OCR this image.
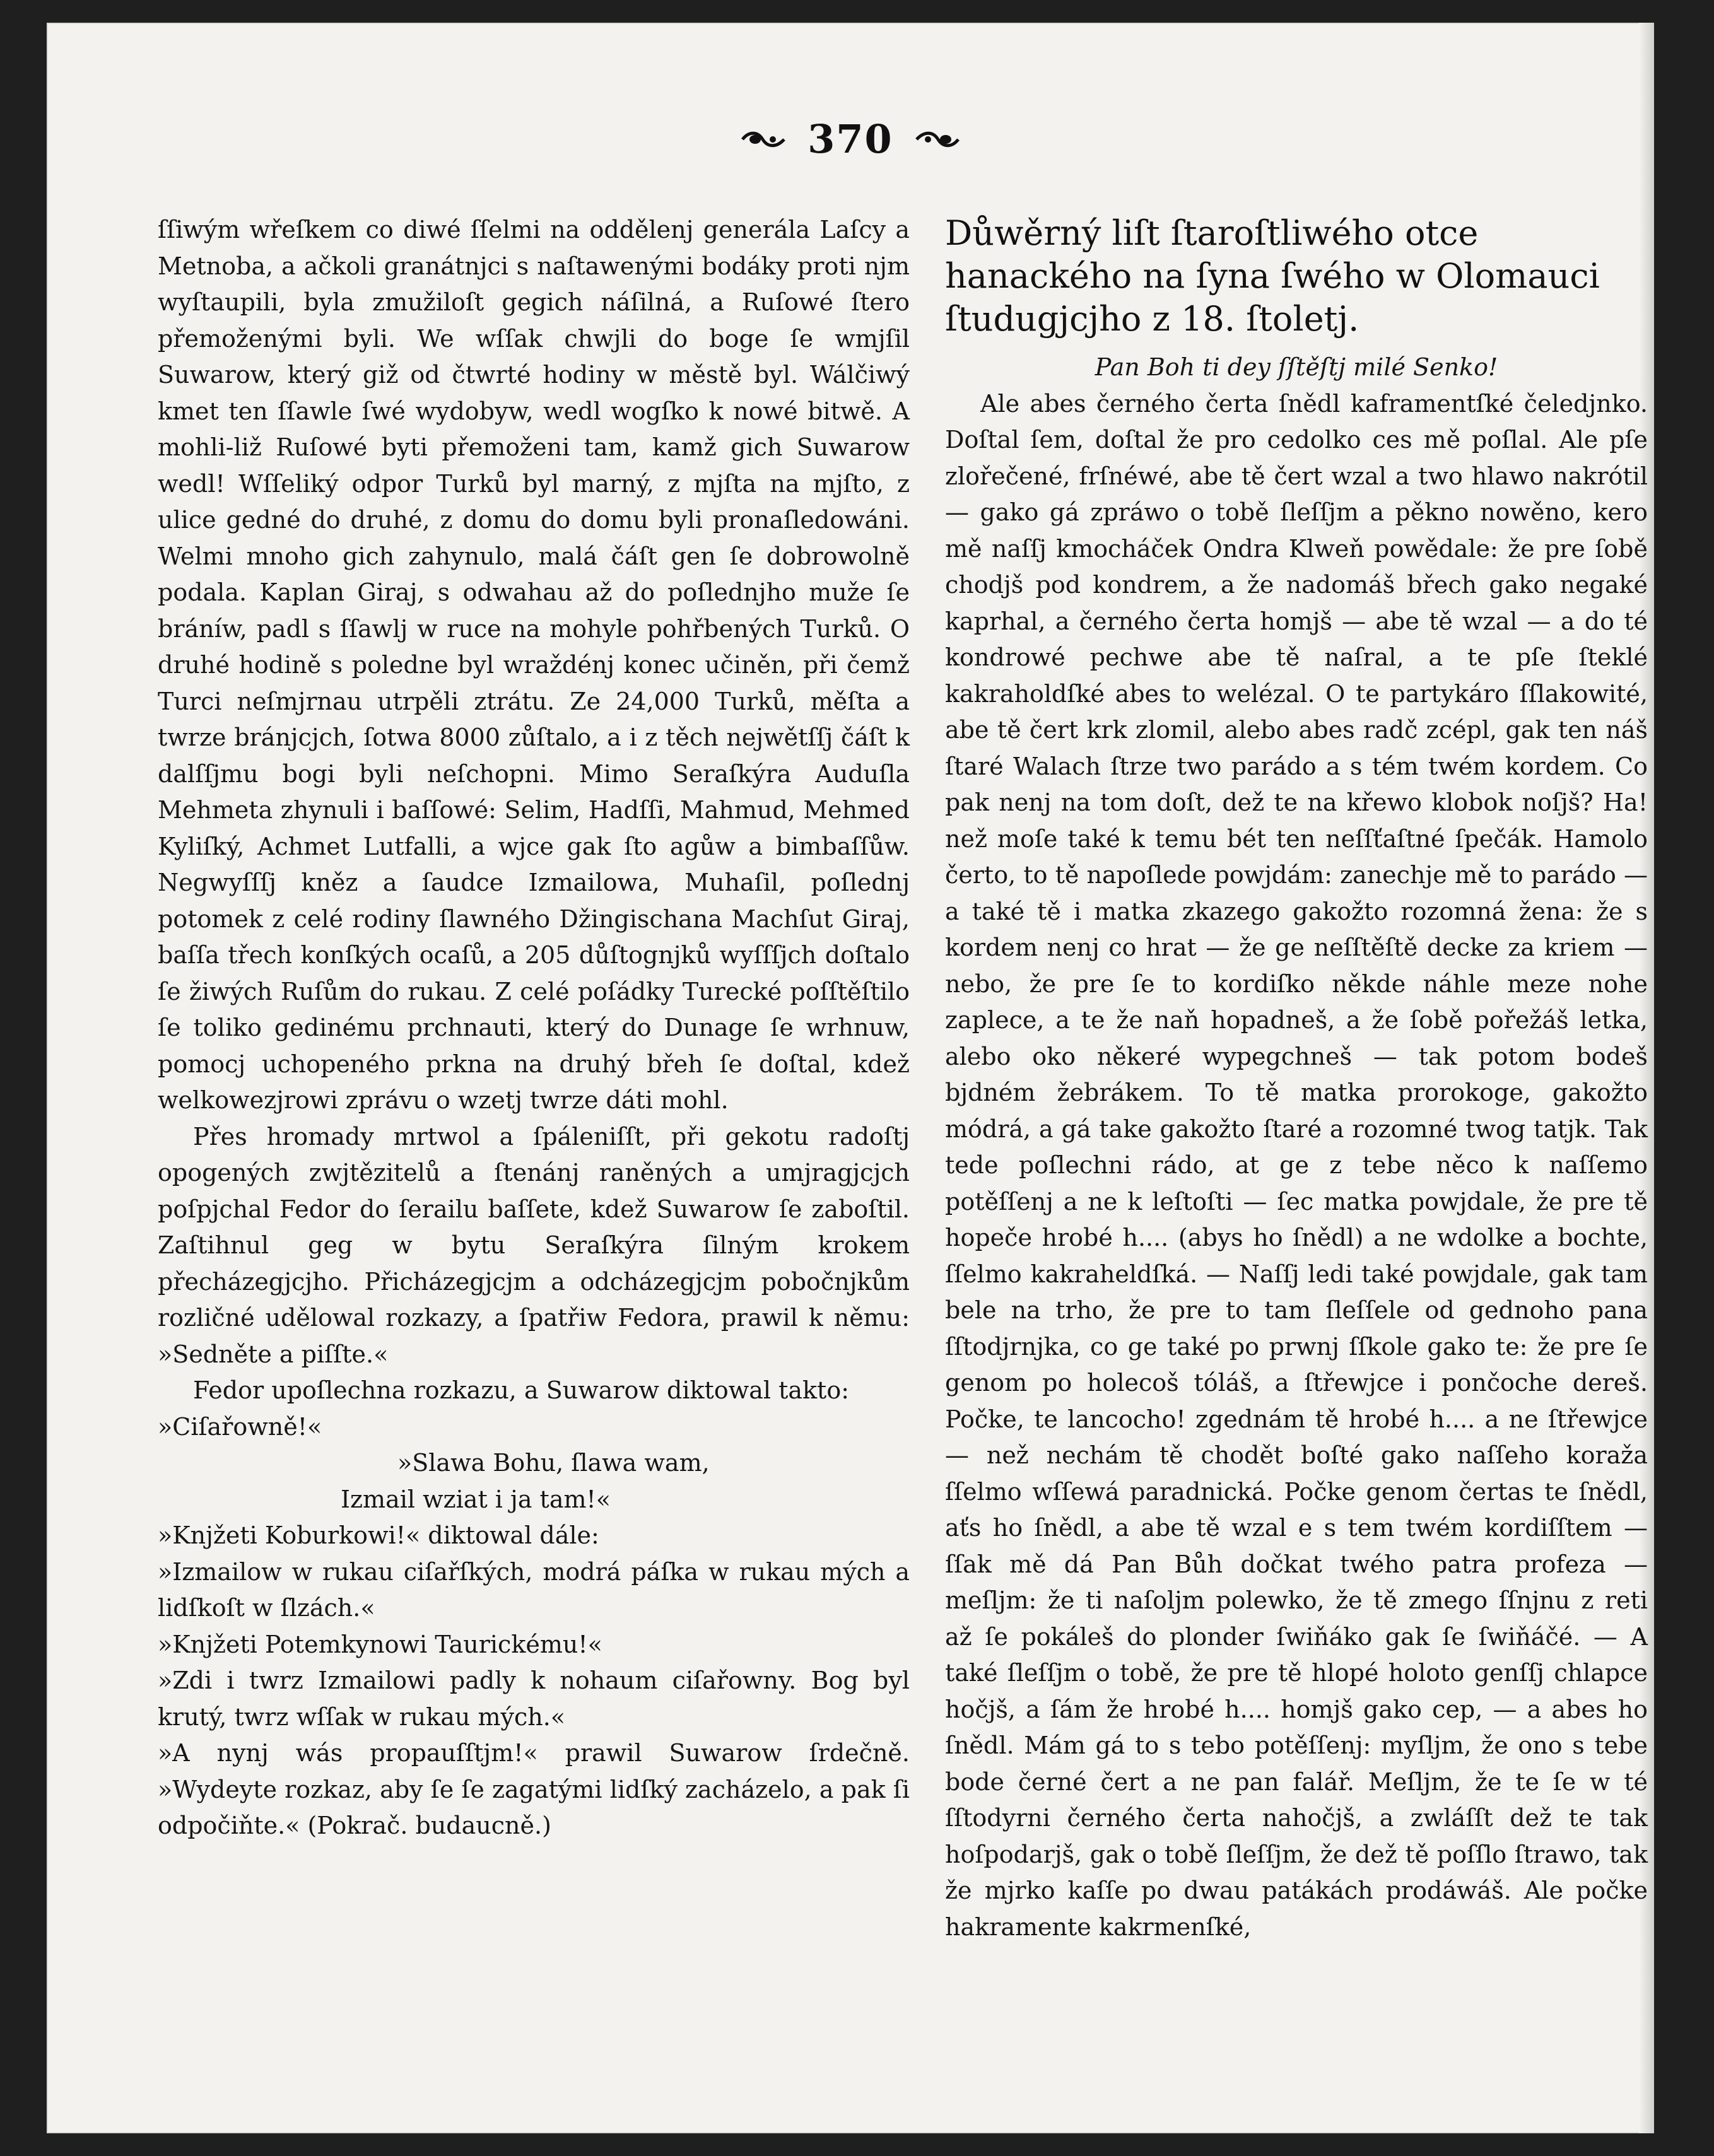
370

ſſiwým wřeſkem co diwé ſſelmi na oddělenj generála Laſcy a Metnoba, a ačkoli granátnjci s naſtawenými bodáky proti njm wyſtaupili, byla zmužiloſt gegich náſilná, a Ruſowé ſtero přemoženými byli. We wſſak chwjli do boge ſe wmjſil Suwarow, který giž od čtwrté hodiny w městě byl. Wálčiwý kmet ten ſſawle ſwé wydobyw, wedl wogſko k nowé bitwě. A mohli-liž Ruſowé byti přemoženi tam, kamž gich Suwarow wedl! Wſſeliký odpor Turků byl marný, z mjſta na mjſto, z ulice gedné do druhé, z domu do domu byli pronaſledowáni. Welmi mnoho gich zahynulo, malá čáſt gen ſe dobrowolně podala. Kaplan Giraj, s odwahau až do poſlednjho muže ſe bráníw, padl s ſſawlj w ruce na mohyle pohřbených Turků. O druhé hodině s poledne byl wraždénj konec učiněn, při čemž Turci neſmjrnau utrpěli ztrátu. Ze 24,000 Turků, měſta a twrze bránjcjch, ſotwa 8000 zůſtalo, a i z těch nejwětſſj čáſt k dalſſjmu bogi byli neſchopni. Mimo Seraſkýra Auduſla Mehmeta zhynuli i baſſowé: Selim, Hadſſi, Mahmud, Mehmed Kyliſký, Achmet Lutfalli, a wjce gak ſto agůw a bimbaſſůw. Negwyſſſj kněz a ſaudce Izmailowa, Muhaſil, poſlednj potomek z celé rodiny ſlawného Džingischana Machſut Giraj, baſſa třech konſkých ocaſů, a 205 důſtognjků wyſſſjch doſtalo ſe žiwých Ruſům do rukau. Z celé poſádky Turecké poſſtěſtilo ſe toliko gedinému prchnauti, který do Dunage ſe wrhnuw, pomocj uchopeného prkna na druhý břeh ſe doſtal, kdež welkowezjrowi zprávu o wzetj twrze dáti mohl.

Přes hromady mrtwol a ſpáleniſſt, při gekotu radoſtj opogených zwjtězitelů a ſtenánj raněných a umjragjcjch poſpjchal Fedor do ſerailu baſſete, kdež Suwarow ſe zaboſtil. Zaſtihnul geg w bytu Seraſkýra ſilným krokem přecházegjcjho. Přicházegjcjm a odcházegjcjm pobočnjkům rozličné udělowal rozkazy, a ſpatřiw Fedora, prawil k němu: »Sedněte a piſſte.«

Fedor upoſlechna rozkazu, a Suwarow diktowal takto:

»Ciſařowně!«

»Slawa Bohu, ſlawa wam,

Izmail wziat i ja tam!«

»Knjžeti Koburkowi!« diktowal dále:

»Izmailow w rukau ciſařſkých, modrá páſka w rukau mých a lidſkoſt w ſlzách.«

»Knjžeti Potemkynowi Taurickému!«

»Zdi i twrz Izmailowi padly k nohaum ciſařowny. Bog byl krutý, twrz wſſak w rukau mých.«

»A nynj wás propauſſtjm!« prawil Suwarow ſrdečně. »Wydeyte rozkaz, aby ſe ſe zagatými lidſký zacházelo, a pak ſi odpočiňte.« (Pokrač. budaucně.)

Důwěrný liſt ſtaroſtliwého otce hanackého na ſyna ſwého w Olomauci ſtudugjcjho z 18. ſtoletj.

Pan Boh ti dey ſſtěſtj milé Senko!

Ale abes černého čerta ſnědl kaframentſké čeledjnko. Doſtal ſem, doſtal že pro cedolko ces mě poſlal. Ale pſe zlořečené, frſnéwé, abe tě čert wzal a two hlawo nakrótil — gako gá zpráwo o tobě ſleſſjm a pěkno nowěno, kero mě naſſj kmocháček Ondra Klweň powědale: že pre ſobě chodjš pod kondrem, a že nadomáš břech gako negaké kaprhal, a černého čerta homjš — abe tě wzal — a do té kondrowé pechwe abe tě naſral, a te pſe ſteklé kakraholdſké abes to welézal. O te partykáro ſſlakowité, abe tě čert krk zlomil, alebo abes radč zcépl, gak ten náš ſtaré Walach ſtrze two parádo a s tém twém kordem. Co pak nenj na tom doſt, dež te na křewo klobok noſjš? Ha! než moſe také k temu bét ten neſſťaſtné ſpečák. Hamolo čerto, to tě napoſlede powjdám: zanechje mě to parádo — a také tě i matka zkazego gakožto rozomná žena: že s kordem nenj co hrat — že ge neſſtěſtě decke za kriem — nebo, že pre ſe to kordiſko někde náhle meze nohe zaplece, a te že naň hopadneš, a že ſobě pořežáš letka, alebo oko někeré wypegchneš — tak potom bodeš bjdném žebrákem. To tě matka prorokoge, gakožto módrá, a gá take gakožto ſtaré a rozomné twog tatjk. Tak tede poſlechni rádo, at ge z tebe něco k naſſemo potěſſenj a ne k leſtoſti — ſec matka powjdale, že pre tě hopeče hrobé h.... (abys ho ſnědl) a ne wdolke a bochte, ſſelmo kakraheldſká. — Naſſj ledi také powjdale, gak tam bele na trho, že pre to tam ſleſſele od gednoho pana ſſtodjrnjka, co ge také po prwnj ſſkole gako te: že pre ſe genom po holecoš tóláš, a ſtřewjce i pončoche dereš. Počke, te lancocho! zgednám tě hrobé h.... a ne ſtřewjce — než nechám tě chodět boſté gako naſſeho koraža ſſelmo wſſewá paradnická. Počke genom čertas te ſnědl, aťs ho ſnědl, a abe tě wzal e s tem twém kordiſſtem — ſſak mě dá Pan Bůh dočkat twého patra profeza — meſljm: že ti naſoljm polewko, že tě zmego ſſnjnu z reti až ſe pokáleš do plonder ſwiňáko gak ſe ſwiňáčé. — A také ſleſſjm o tobě, že pre tě hlopé holoto genſſj chlapce hočjš, a ſám že hrobé h.... homjš gako cep, — a abes ho ſnědl. Mám gá to s tebo potěſſenj: myſljm, že ono s tebe bode černé čert a ne pan falář. Meſljm, že te ſe w té ſſtodyrni černého čerta nahočjš, a zwláſſt dež te tak hoſpodarjš, gak o tobě ſleſſjm, že dež tě poſſlo ſtrawo, tak že mjrko kaſſe po dwau patákách prodáwáš. Ale počke hakramente kakrmenſké,
